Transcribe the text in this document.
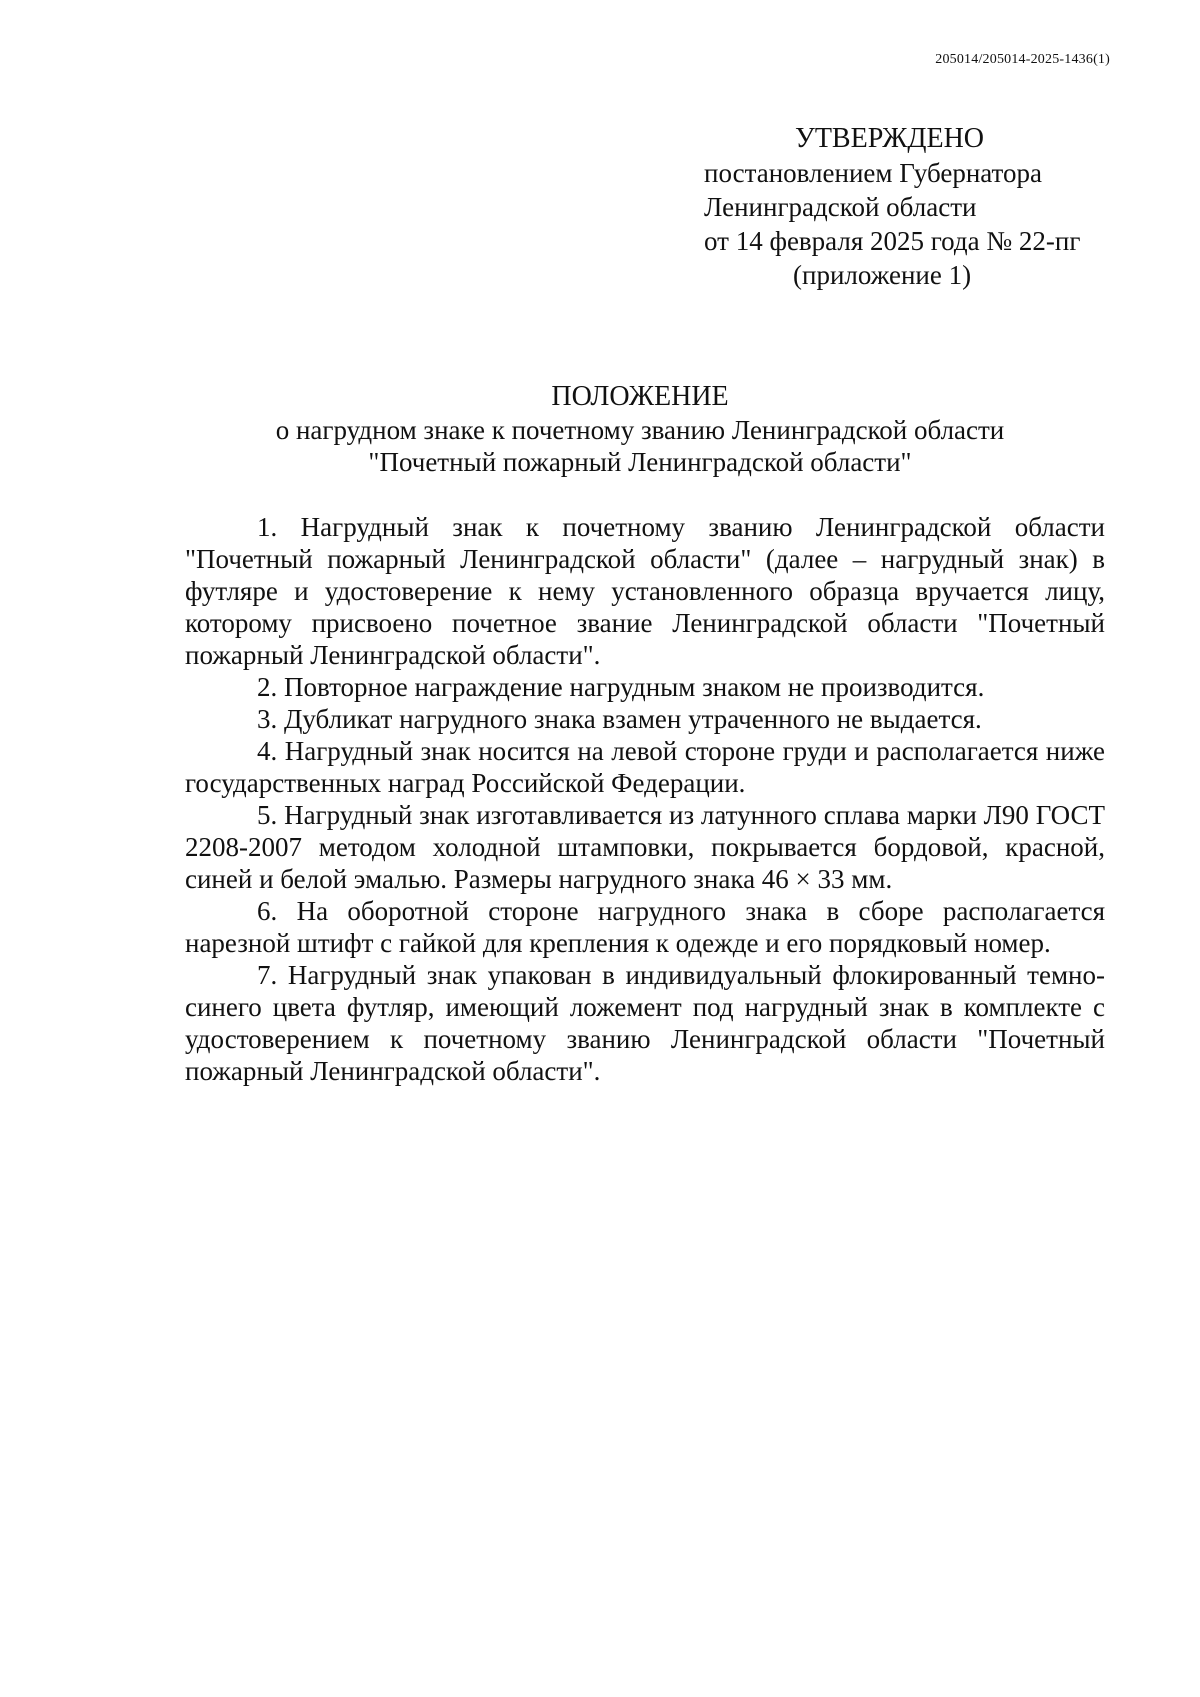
205014/205014-2025-1436(1)
УТВЕРЖДЕНО
постановлением Губернатора
Ленинградской области
от 14 февраля 2025 года № 22-пг
(приложение 1)
ПОЛОЖЕНИЕ
о нагрудном знаке к почетному званию Ленинградской области
"Почетный пожарный Ленинградской области"

1. Нагрудный знак к почетному званию Ленинградской области "Почетный пожарный Ленинградской области" (далее – нагрудный знак) в футляре и удостоверение к нему установленного образца вручается лицу, которому присвоено почетное звание Ленинградской области "Почетный пожарный Ленинградской области".

2. Повторное награждение нагрудным знаком не производится.

3. Дубликат нагрудного знака взамен утраченного не выдается.

4. Нагрудный знак носится на левой стороне груди и располагается ниже государственных наград Российской Федерации.

5. Нагрудный знак изготавливается из латунного сплава марки Л90 ГОСТ 2208-2007 методом холодной штамповки, покрывается бордовой, красной, синей и белой эмалью. Размеры нагрудного знака 46 × 33 мм.

6. На оборотной стороне нагрудного знака в сборе располагается нарезной штифт с гайкой для крепления к одежде и его порядковый номер.

7. Нагрудный знак упакован в индивидуальный флокированный темно-синего цвета футляр, имеющий ложемент под нагрудный знак в комплекте с удостоверением к почетному званию Ленинградской области "Почетный пожарный Ленинградской области".
